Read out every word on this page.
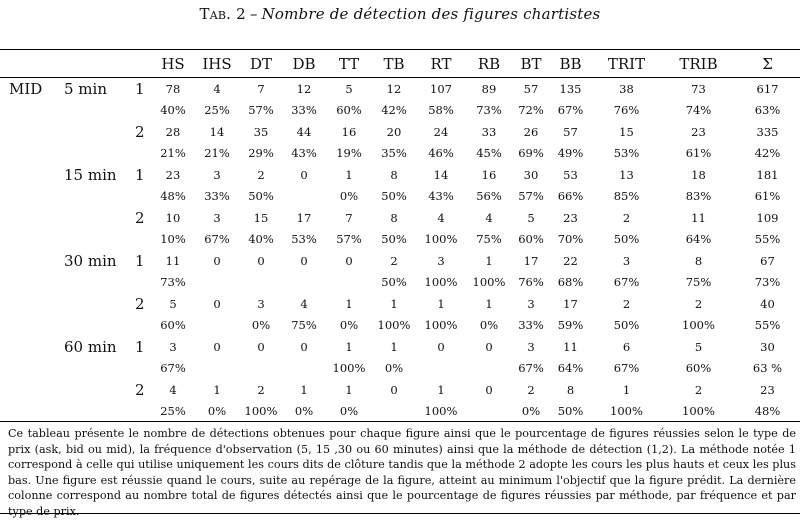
Tab. 2 – Nombre de détection des figures chartistes
			HS	IHS	DT	DB	TT	TB	RT	RB	BT	BB	TRIT	TRIB	Σ
MID	5 min	1	78	4	7	12	5	12	107	89	57	135	38	73	617
			40%	25%	57%	33%	60%	42%	58%	73%	72%	67%	76%	74%	63%
		2	28	14	35	44	16	20	24	33	26	57	15	23	335
			21%	21%	29%	43%	19%	35%	46%	45%	69%	49%	53%	61%	42%
	15 min	1	23	3	2	0	1	8	14	16	30	53	13	18	181
			48%	33%	50%		0%	50%	43%	56%	57%	66%	85%	83%	61%
		2	10	3	15	17	7	8	4	4	5	23	2	11	109
			10%	67%	40%	53%	57%	50%	100%	75%	60%	70%	50%	64%	55%
	30 min	1	11	0	0	0	0	2	3	1	17	22	3	8	67
			73%					50%	100%	100%	76%	68%	67%	75%	73%
		2	5	0	3	4	1	1	1	1	3	17	2	2	40
			60%		0%	75%	0%	100%	100%	0%	33%	59%	50%	100%	55%
	60 min	1	3	0	0	0	1	1	0	0	3	11	6	5	30
			67%				100%	0%			67%	64%	67%	60%	63 %
		2	4	1	2	1	1	0	1	0	2	8	1	2	23
			25%	0%	100%	0%	0%		100%		0%	50%	100%	100%	48%
Ce tableau présente le nombre de détections obtenues pour chaque figure ainsi que le pourcentage de figures réussies selon le type de prix (ask, bid ou mid), la fréquence d'observation (5, 15 ,30 ou 60 minutes) ainsi que la méthode de détection (1,2). La méthode notée 1 correspond à celle qui utilise uniquement les cours dits de clôture tandis que la méthode 2 adopte les cours les plus hauts et ceux les plus bas. Une figure est réussie quand le cours, suite au repérage de la figure, atteint au minimum l'objectif que la figure prédit. La dernière colonne correspond au nombre total de figures détectés ainsi que le pourcentage de figures réussies par méthode, par fréquence et par type de prix.
